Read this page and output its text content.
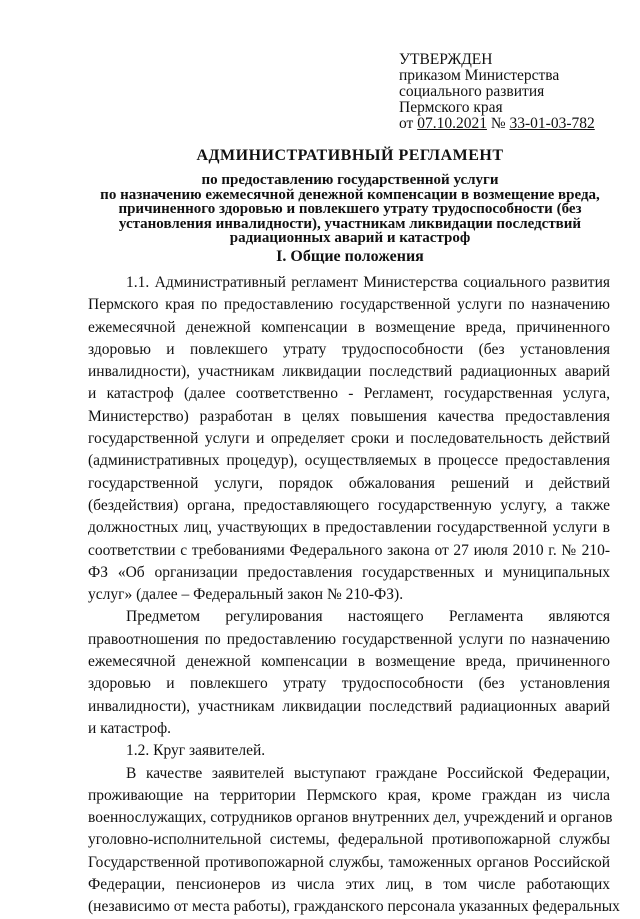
УТВЕРЖДЕН
приказом Министерства
социального развития
Пермского края
от 07.10.2021 № 33-01-03-782
АДМИНИСТРАТИВНЫЙ РЕГЛАМЕНТ
по предоставлению государственной услуги
по назначению ежемесячной денежной компенсации в возмещение вреда,
причиненного здоровью и повлекшего утрату трудоспособности (без
установления инвалидности), участникам ликвидации последствий
радиационных аварий и катастроф
I. Общие положения
1.1. Административный регламент Министерства социального развития
Пермского края по предоставлению государственной услуги по назначению
ежемесячной денежной компенсации в возмещение вреда, причиненного
здоровью и повлекшего утрату трудоспособности (без установления
инвалидности), участникам ликвидации последствий радиационных аварий
и катастроф (далее соответственно - Регламент, государственная услуга,
Министерство) разработан в целях повышения качества предоставления
государственной услуги и определяет сроки и последовательность действий
(административных процедур), осуществляемых в процессе предоставления
государственной услуги, порядок обжалования решений и действий
(бездействия) органа, предоставляющего государственную услугу, а также
должностных лиц, участвующих в предоставлении государственной услуги в
соответствии с требованиями Федерального закона от 27 июля 2010 г. № 210-
ФЗ «Об организации предоставления государственных и муниципальных
услуг» (далее – Федеральный закон № 210-ФЗ).
Предметом регулирования настоящего Регламента являются
правоотношения по предоставлению государственной услуги по назначению
ежемесячной денежной компенсации в возмещение вреда, причиненного
здоровью и повлекшего утрату трудоспособности (без установления
инвалидности), участникам ликвидации последствий радиационных аварий
и катастроф.
1.2. Круг заявителей.
В качестве заявителей выступают граждане Российской Федерации,
проживающие на территории Пермского края, кроме граждан из числа
военнослужащих, сотрудников органов внутренних дел, учреждений и органов
уголовно-исполнительной системы, федеральной противопожарной службы
Государственной противопожарной службы, таможенных органов Российской
Федерации, пенсионеров из числа этих лиц, в том числе работающих
(независимо от места работы), гражданского персонала указанных федеральных
